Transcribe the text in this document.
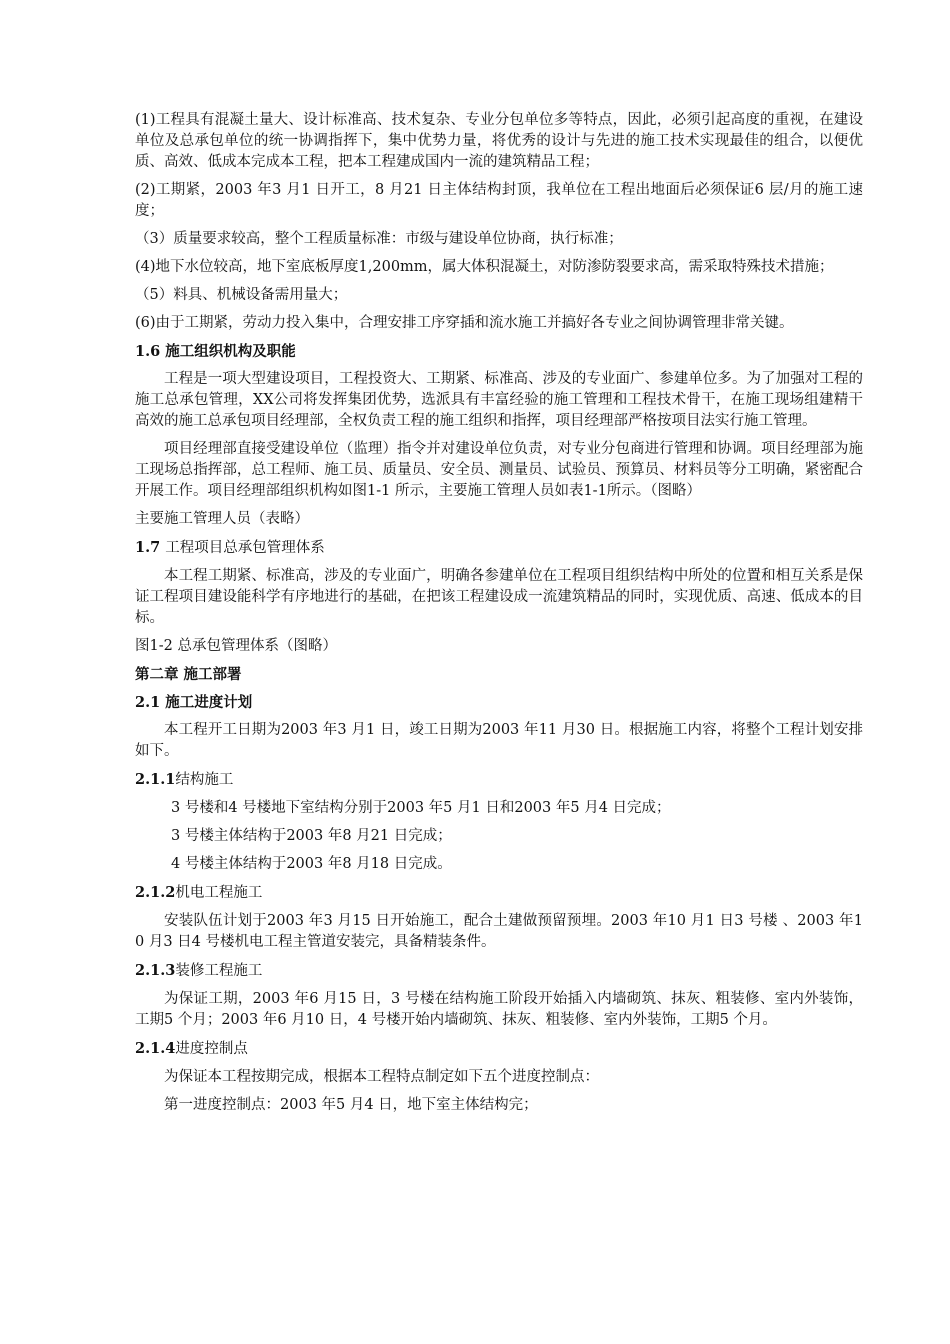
(1)工程具有混凝土量大、设计标准高、技术复杂、专业分包单位多等特点，因此，必须引起高度的重视，在建设单位及总承包单位的统一协调指挥下，集中优势力量，将优秀的设计与先进的施工技术实现最佳的组合，以便优质、高效、低成本完成本工程，把本工程建成国内一流的建筑精品工程；

(2)工期紧，2003 年3 月1 日开工，8 月21 日主体结构封顶，我单位在工程出地面后必须保证6 层/月的施工速度；

（3）质量要求较高，整个工程质量标准：市级与建设单位协商，执行标准；

(4)地下水位较高，地下室底板厚度1,200mm，属大体积混凝土，对防渗防裂要求高，需采取特殊技术措施；

（5）料具、机械设备需用量大；

(6)由于工期紧，劳动力投入集中，合理安排工序穿插和流水施工并搞好各专业之间协调管理非常关键。

1.6 施工组织机构及职能

工程是一项大型建设项目，工程投资大、工期紧、标准高、涉及的专业面广、参建单位多。为了加强对工程的施工总承包管理，XX公司将发挥集团优势，选派具有丰富经验的施工管理和工程技术骨干，在施工现场组建精干高效的施工总承包项目经理部，全权负责工程的施工组织和指挥，项目经理部严格按项目法实行施工管理。

项目经理部直接受建设单位（监理）指令并对建设单位负责，对专业分包商进行管理和协调。项目经理部为施工现场总指挥部，总工程师、施工员、质量员、安全员、测量员、试验员、预算员、材料员等分工明确，紧密配合开展工作。项目经理部组织机构如图1-1 所示，主要施工管理人员如表1-1所示。（图略）

主要施工管理人员（表略）

1.7 工程项目总承包管理体系

本工程工期紧、标准高，涉及的专业面广，明确各参建单位在工程项目组织结构中所处的位置和相互关系是保证工程项目建设能科学有序地进行的基础，在把该工程建设成一流建筑精品的同时，实现优质、高速、低成本的目标。

图1-2 总承包管理体系（图略）

第二章 施工部署
2.1 施工进度计划

本工程开工日期为2003 年3 月1 日，竣工日期为2003 年11 月30 日。根据施工内容，将整个工程计划安排如下。

2.1.1结构施工

3 号楼和4 号楼地下室结构分别于2003 年5 月1 日和2003 年5 月4 日完成；

3 号楼主体结构于2003 年8 月21 日完成；

4 号楼主体结构于2003 年8 月18 日完成。

2.1.2机电工程施工

安装队伍计划于2003 年3 月15 日开始施工，配合土建做预留预埋。2003 年10 月1 日3 号楼 、2003 年10 月3 日4 号楼机电工程主管道安装完，具备精装条件。

2.1.3装修工程施工

为保证工期，2003 年6 月15 日，3 号楼在结构施工阶段开始插入内墙砌筑、抹灰、粗装修、室内外装饰，工期5 个月；2003 年6 月10 日，4 号楼开始内墙砌筑、抹灰、粗装修、室内外装饰，工期5 个月。

2.1.4进度控制点

为保证本工程按期完成，根据本工程特点制定如下五个进度控制点：

第一进度控制点：2003 年5 月4 日，地下室主体结构完；
